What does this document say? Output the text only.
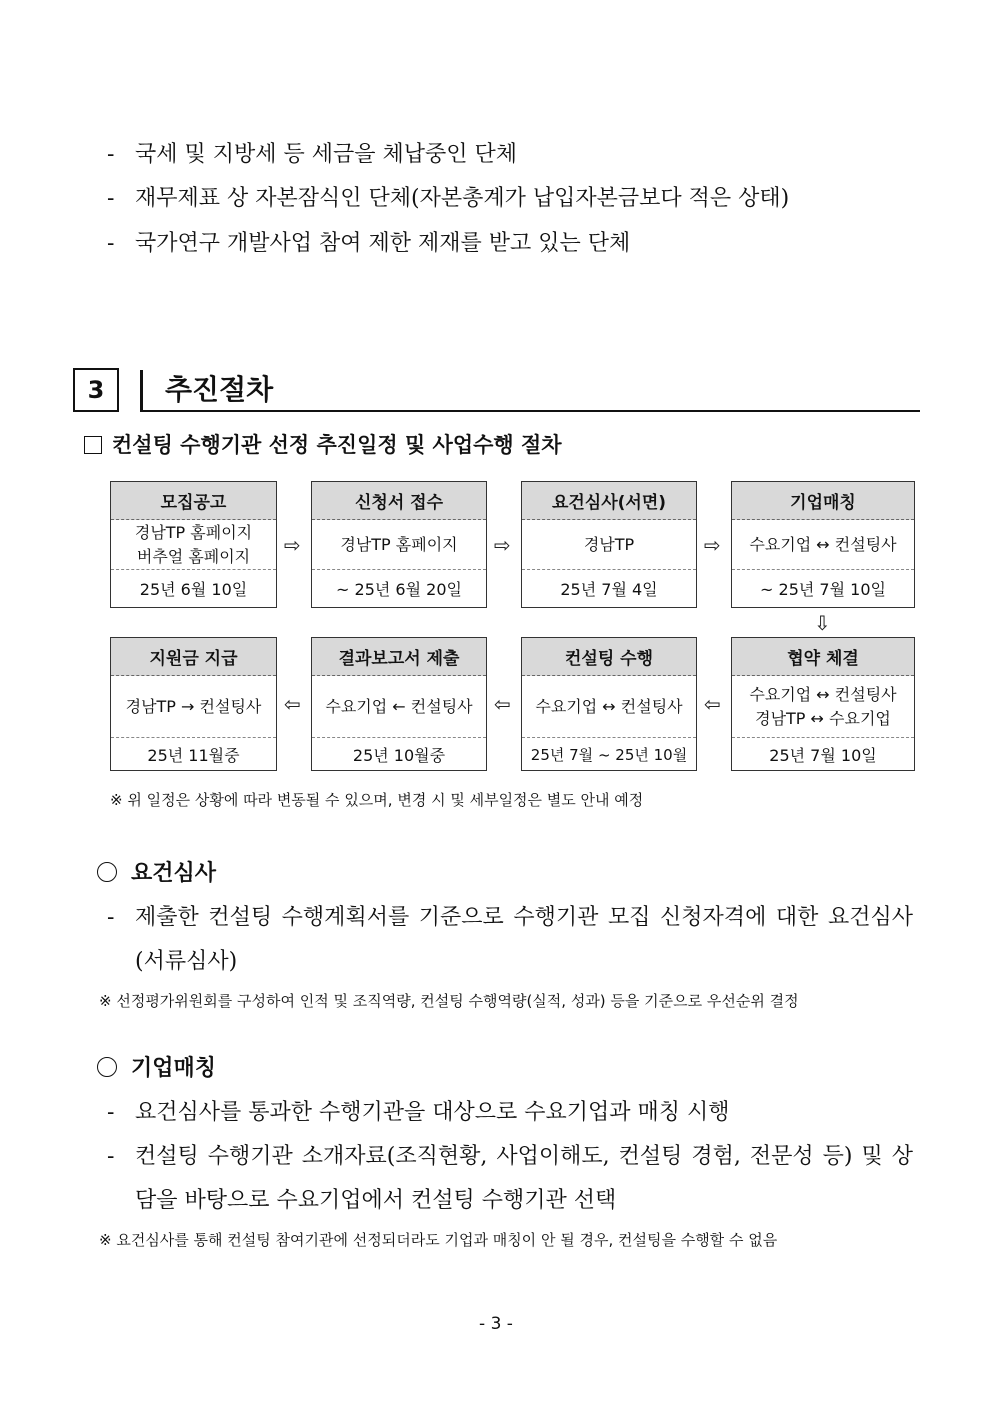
- 국세 및 지방세 등 세금을 체납중인 단체
- 재무제표 상 자본잠식인 단체(자본총계가 납입자본금보다 적은 상태)
- 국가연구 개발사업 참여 제한 제재를 받고 있는 단체
3	추진절차
컨설팅 수행기관 선정 추진일정 및 사업수행 절차
모집공고
경남TP 홈페이지
버추얼 홈페이지
25년 6월 10일
⇨
신청서 접수
경남TP 홈페이지
~ 25년 6월 20일
⇨
요건심사(서면)
경남TP
25년 7월 4일
⇨
기업매칭
수요기업 ↔ 컨설팅사
~ 25년 7월 10일
⇩
지원금 지급
경남TP → 컨설팅사
25년 11월중
⇦
결과보고서 제출
수요기업 ← 컨설팅사
25년 10월중
⇦
컨설팅 수행
수요기업 ↔ 컨설팅사
25년 7월 ~ 25년 10월
⇦
협약 체결
수요기업 ↔ 컨설팅사
경남TP ↔ 수요기업
25년 7월 10일
※ 위 일정은 상황에 따라 변동될 수 있으며, 변경 시 및 세부일정은 별도 안내 예정
요건심사
- 제출한 컨설팅 수행계획서를 기준으로 수행기관 모집 신청자격에 대한 요건심사(서류심사)
※ 선정평가위원회를 구성하여 인적 및 조직역량, 컨설팅 수행역량(실적, 성과) 등을 기준으로 우선순위 결정
기업매칭
- 요건심사를 통과한 수행기관을 대상으로 수요기업과 매칭 시행
- 컨설팅 수행기관 소개자료(조직현황, 사업이해도, 컨설팅 경험, 전문성 등) 및 상담을 바탕으로 수요기업에서 컨설팅 수행기관 선택
※ 요건심사를 통해 컨설팅 참여기관에 선정되더라도 기업과 매칭이 안 될 경우, 컨설팅을 수행할 수 없음
- 3 -
